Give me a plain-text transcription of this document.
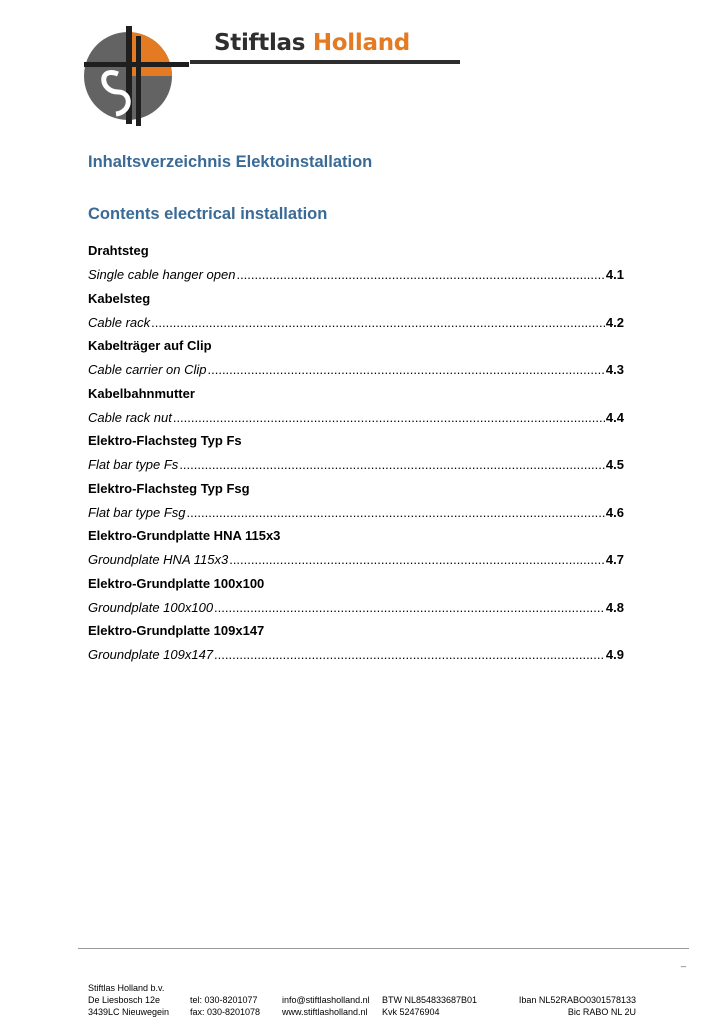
Stiftlas Holland
Inhaltsverzeichnis Elektoinstallation
Contents electrical installation
Drahtsteg
Single cable hanger open .....	4.1
Kabelsteg
Cable rack .....	4.2
Kabelträger auf Clip
Cable carrier on Clip .....	4.3
Kabelbahnmutter
Cable rack nut .....	4.4
Elektro-Flachsteg Typ Fs
Flat bar type Fs .....	4.5
Elektro-Flachsteg Typ Fsg
Flat bar type Fsg .....	4.6
Elektro-Grundplatte HNA 115x3
Groundplate HNA 115x3 .....	4.7
Elektro-Grundplatte 100x100
Groundplate 100x100 .....	4.8
Elektro-Grundplatte 109x147
Groundplate 109x147 .....	4.9
_
Stiftlas Holland b.v.
De Liesbosch 12e
3439LC Nieuwegein

tel: 030-8201077
fax: 030-8201078

info@stiftlasholland.nl
www.stiftlasholland.nl

BTW NL854833687B01
Kvk 52476904

Iban NL52RABO0301578133
Bic RABO NL 2U
